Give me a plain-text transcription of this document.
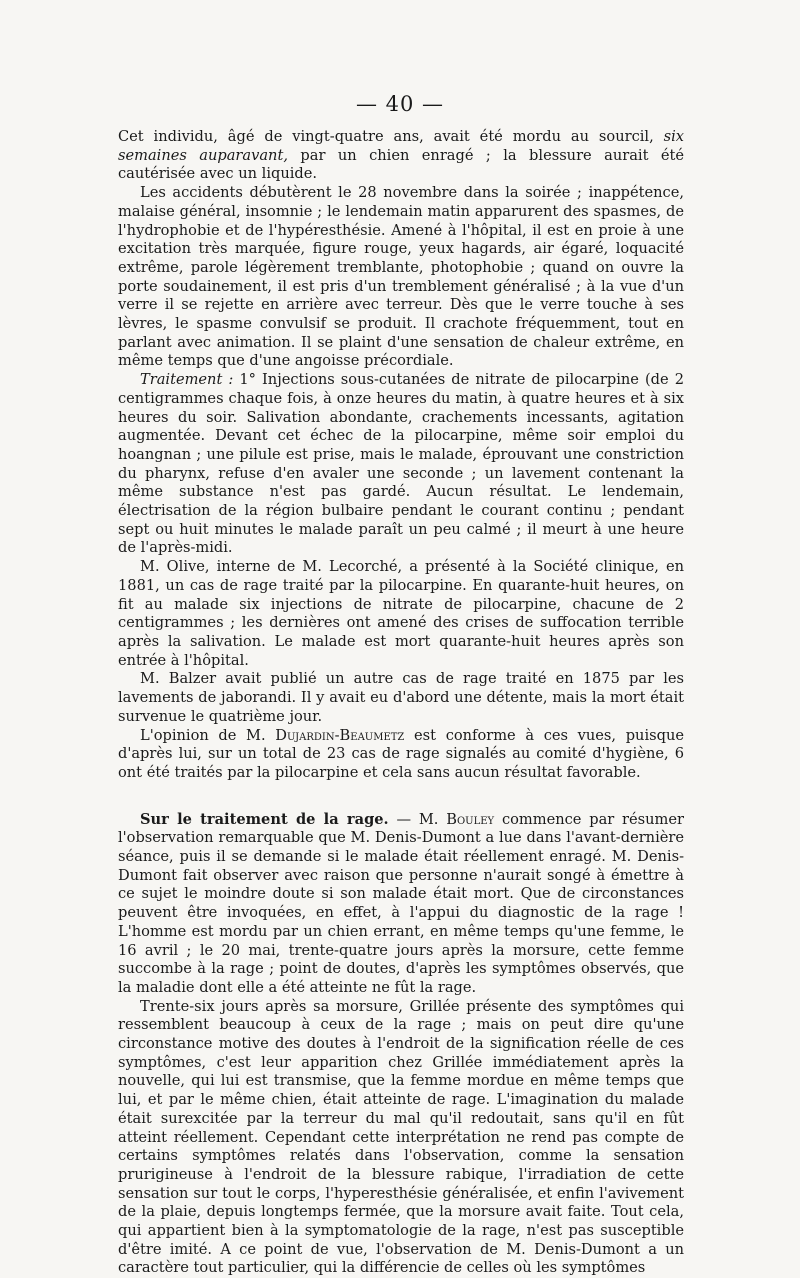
— 40 —

Cet individu, âgé de vingt-quatre ans, avait été mordu au sourcil, six semaines auparavant, par un chien enragé ; la blessure aurait été cautérisée avec un liquide.

Les accidents débutèrent le 28 novembre dans la soirée ; inappétence, malaise général, insomnie ; le lendemain matin apparurent des spasmes, de l'hydrophobie et de l'hypéresthésie. Amené à l'hôpital, il est en proie à une excitation très marquée, figure rouge, yeux hagards, air égaré, loquacité extrême, parole légèrement tremblante, photophobie ; quand on ouvre la porte soudainement, il est pris d'un tremblement généralisé ; à la vue d'un verre il se rejette en arrière avec terreur. Dès que le verre touche à ses lèvres, le spasme convulsif se produit. Il crachote fréquemment, tout en parlant avec animation. Il se plaint d'une sensation de chaleur extrême, en même temps que d'une angoisse précordiale.

Traitement : 1° Injections sous-cutanées de nitrate de pilocarpine (de 2 centigrammes chaque fois, à onze heures du matin, à quatre heures et à six heures du soir. Salivation abondante, crachements incessants, agitation augmentée. Devant cet échec de la pilocarpine, même soir emploi du hoangnan ; une pilule est prise, mais le malade, éprouvant une constriction du pharynx, refuse d'en avaler une seconde ; un lavement contenant la même substance n'est pas gardé. Aucun résultat. Le lendemain, électrisation de la région bulbaire pendant le courant continu ; pendant sept ou huit minutes le malade paraît un peu calmé ; il meurt à une heure de l'après-midi.

M. Olive, interne de M. Lecorché, a présenté à la Société clinique, en 1881, un cas de rage traité par la pilocarpine. En quarante-huit heures, on fit au malade six injections de nitrate de pilocarpine, chacune de 2 centigrammes ; les dernières ont amené des crises de suffocation terrible après la salivation. Le malade est mort quarante-huit heures après son entrée à l'hôpital.

M. Balzer avait publié un autre cas de rage traité en 1875 par les lavements de jaborandi. Il y avait eu d'abord une détente, mais la mort était survenue le quatrième jour.

L'opinion de M. Dujardin-Beaumetz est conforme à ces vues, puisque d'après lui, sur un total de 23 cas de rage signalés au comité d'hygiène, 6 ont été traités par la pilocarpine et cela sans aucun résultat favorable.

Sur le traitement de la rage. — M. Bouley commence par résumer l'observation remarquable que M. Denis-Dumont a lue dans l'avant-dernière séance, puis il se demande si le malade était réellement enragé. M. Denis-Dumont fait observer avec raison que personne n'aurait songé à émettre à ce sujet le moindre doute si son malade était mort. Que de circonstances peuvent être invoquées, en effet, à l'appui du diagnostic de la rage ! L'homme est mordu par un chien errant, en même temps qu'une femme, le 16 avril ; le 20 mai, trente-quatre jours après la morsure, cette femme succombe à la rage ; point de doutes, d'après les symptômes observés, que la maladie dont elle a été atteinte ne fût la rage.

Trente-six jours après sa morsure, Grillée présente des symptômes qui ressemblent beaucoup à ceux de la rage ; mais on peut dire qu'une circonstance motive des doutes à l'endroit de la signification réelle de ces symptômes, c'est leur apparition chez Grillée immédiatement après la nouvelle, qui lui est transmise, que la femme mordue en même temps que lui, et par le même chien, était atteinte de rage. L'imagination du malade était surexcitée par la terreur du mal qu'il redoutait, sans qu'il en fût atteint réellement. Cependant cette interprétation ne rend pas compte de certains symptômes relatés dans l'observation, comme la sensation prurigineuse à l'endroit de la blessure rabique, l'irradiation de cette sensation sur tout le corps, l'hyperesthésie généralisée, et enfin l'avivement de la plaie, depuis longtemps fermée, que la morsure avait faite. Tout cela, qui appartient bien à la symptomatologie de la rage, n'est pas susceptible d'être imité. A ce point de vue, l'observation de M. Denis-Dumont a un caractère tout particulier, qui la différencie de celles où les symptômes
